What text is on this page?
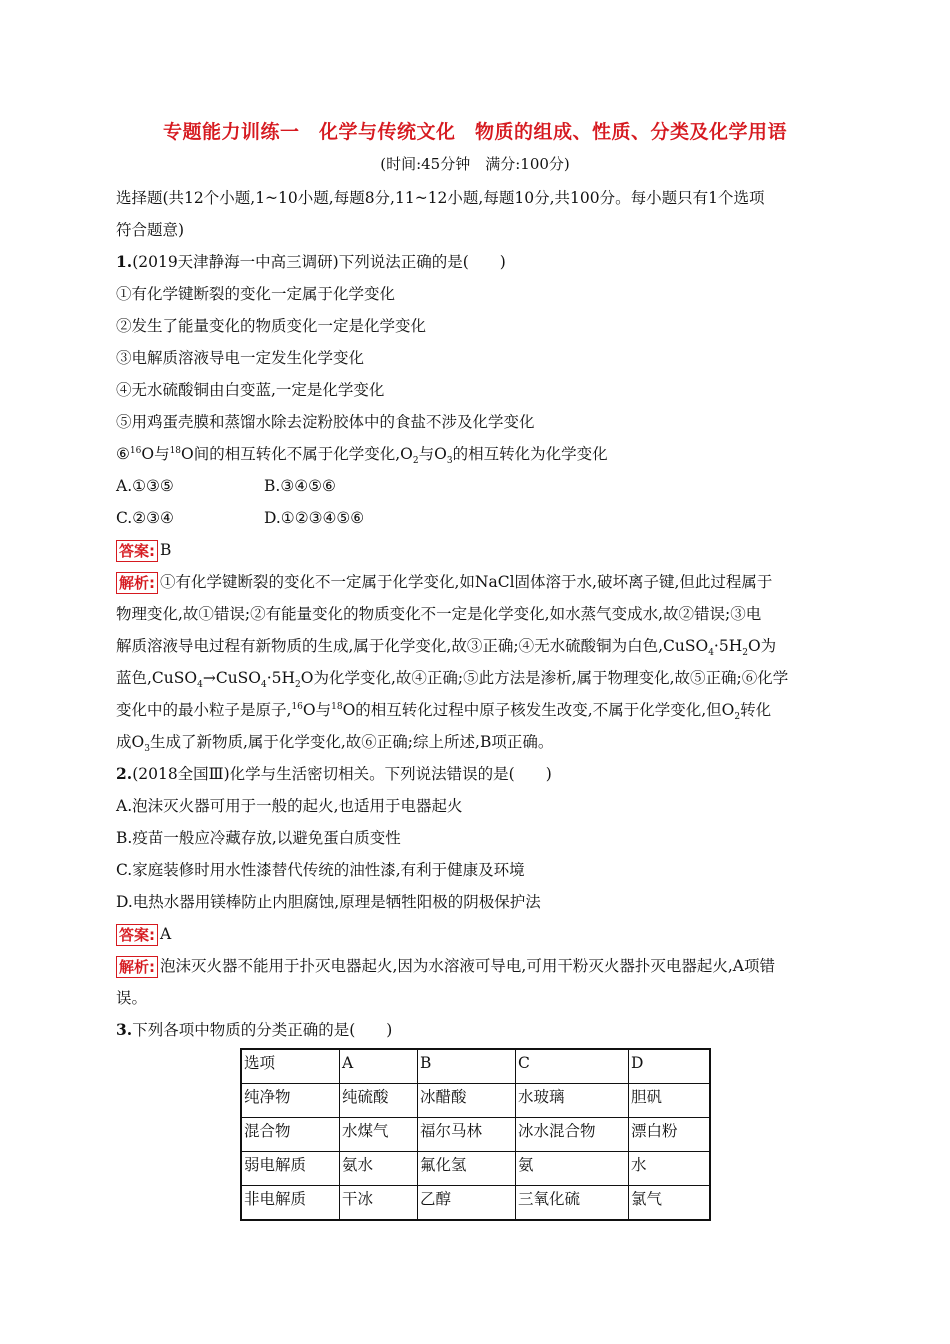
专题能力训练一　化学与传统文化　物质的组成、性质、分类及化学用语
(时间:45分钟　满分:100分)
选择题(共12个小题,1~10小题,每题8分,11~12小题,每题10分,共100分。每小题只有1个选项
符合题意)
1.(2019天津静海一中高三调研)下列说法正确的是(　　)
①有化学键断裂的变化一定属于化学变化
②发生了能量变化的物质变化一定是化学变化
③电解质溶液导电一定发生化学变化
④无水硫酸铜由白变蓝,一定是化学变化
⑤用鸡蛋壳膜和蒸馏水除去淀粉胶体中的食盐不涉及化学变化
⑥$^{16}$O与$^{18}$O间的相互转化不属于化学变化$,O_2$与$O_3$的相互转化为化学变化
A.①③⑤	B.③④⑤⑥
C.②③④	D.①②③④⑤⑥
答案: B
解析: ①有化学键断裂的变化不一定属于化学变化,如NaCl固体溶于水,破坏离子键,但此过程属于
物理变化,故①错误;②有能量变化的物质变化不一定是化学变化,如水蒸气变成水,故②错误;③电
解质溶液导电过程有新物质的生成,属于化学变化,故③正确;④无水硫酸铜为白色$,CuSO_4\cdot 5H_2O$为
蓝色$,CuSO_4\to CuSO_4\cdot 5H_2O$为化学变化,故④正确;⑤此方法是渗析,属于物理变化,故⑤正确;⑥化学
变化中的最小粒子是原子,$^{16}$O与$^{18}$O的相互转化过程中原子核发生改变,不属于化学变化,但$O_2$转化
成$O_3$生成了新物质,属于化学变化,故⑥正确;综上所述,B项正确。
2.(2018全国Ⅲ)化学与生活密切相关。下列说法错误的是(　　)
A.泡沫灭火器可用于一般的起火,也适用于电器起火
B.疫苗一般应冷藏存放,以避免蛋白质变性
C.家庭装修时用水性漆替代传统的油性漆,有利于健康及环境
D.电热水器用镁棒防止内胆腐蚀,原理是牺牲阳极的阴极保护法
答案: A
解析: 泡沫灭火器不能用于扑灭电器起火,因为水溶液可导电,可用干粉灭火器扑灭电器起火,A项错
误。
3.下列各项中物质的分类正确的是(　　)
选项	A	B	C	D
纯净物	纯硫酸	冰醋酸	水玻璃	胆矾
混合物	水煤气	福尔马林	冰水混合物	漂白粉
弱电解质	氨水	氟化氢	氨	水
非电解质	干冰	乙醇	三氧化硫	氯气
